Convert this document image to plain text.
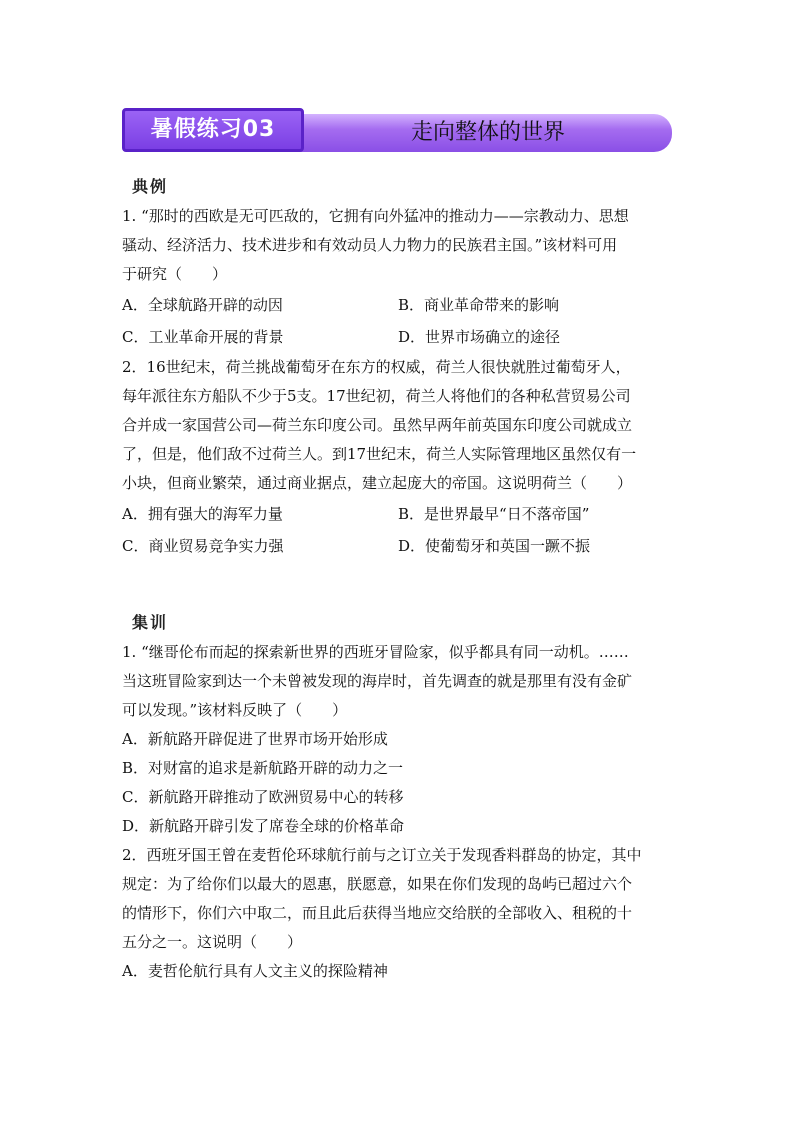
暑假练习03	走向整体的世界
典例
1. “那时的西欧是无可匹敌的，它拥有向外猛冲的推动力——宗教动力、思想
骚动、经济活力、技术进步和有效动员人力物力的民族君主国。”该材料可用
于研究（　　）
A．全球航路开辟的动因	B．商业革命带来的影响
C．工业革命开展的背景	D．世界市场确立的途径
2．16世纪末，荷兰挑战葡萄牙在东方的权威，荷兰人很快就胜过葡萄牙人，
每年派往东方船队不少于5支。17世纪初，荷兰人将他们的各种私营贸易公司
合并成一家国营公司—荷兰东印度公司。虽然早两年前英国东印度公司就成立
了，但是，他们敌不过荷兰人。到17世纪末，荷兰人实际管理地区虽然仅有一
小块，但商业繁荣，通过商业据点，建立起庞大的帝国。这说明荷兰（　　）
A．拥有强大的海军力量	B．是世界最早“日不落帝国”
C．商业贸易竞争实力强	D．使葡萄牙和英国一蹶不振
集训
1. “继哥伦布而起的探索新世界的西班牙冒险家，似乎都具有同一动机。……
当这班冒险家到达一个未曾被发现的海岸时，首先调查的就是那里有没有金矿
可以发现。”该材料反映了（　　）
A．新航路开辟促进了世界市场开始形成
B．对财富的追求是新航路开辟的动力之一
C．新航路开辟推动了欧洲贸易中心的转移
D．新航路开辟引发了席卷全球的价格革命
2．西班牙国王曾在麦哲伦环球航行前与之订立关于发现香料群岛的协定，其中
规定：为了给你们以最大的恩惠，朕愿意，如果在你们发现的岛屿已超过六个
的情形下，你们六中取二，而且此后获得当地应交给朕的全部收入、租税的十
五分之一。这说明（　　）
A．麦哲伦航行具有人文主义的探险精神
